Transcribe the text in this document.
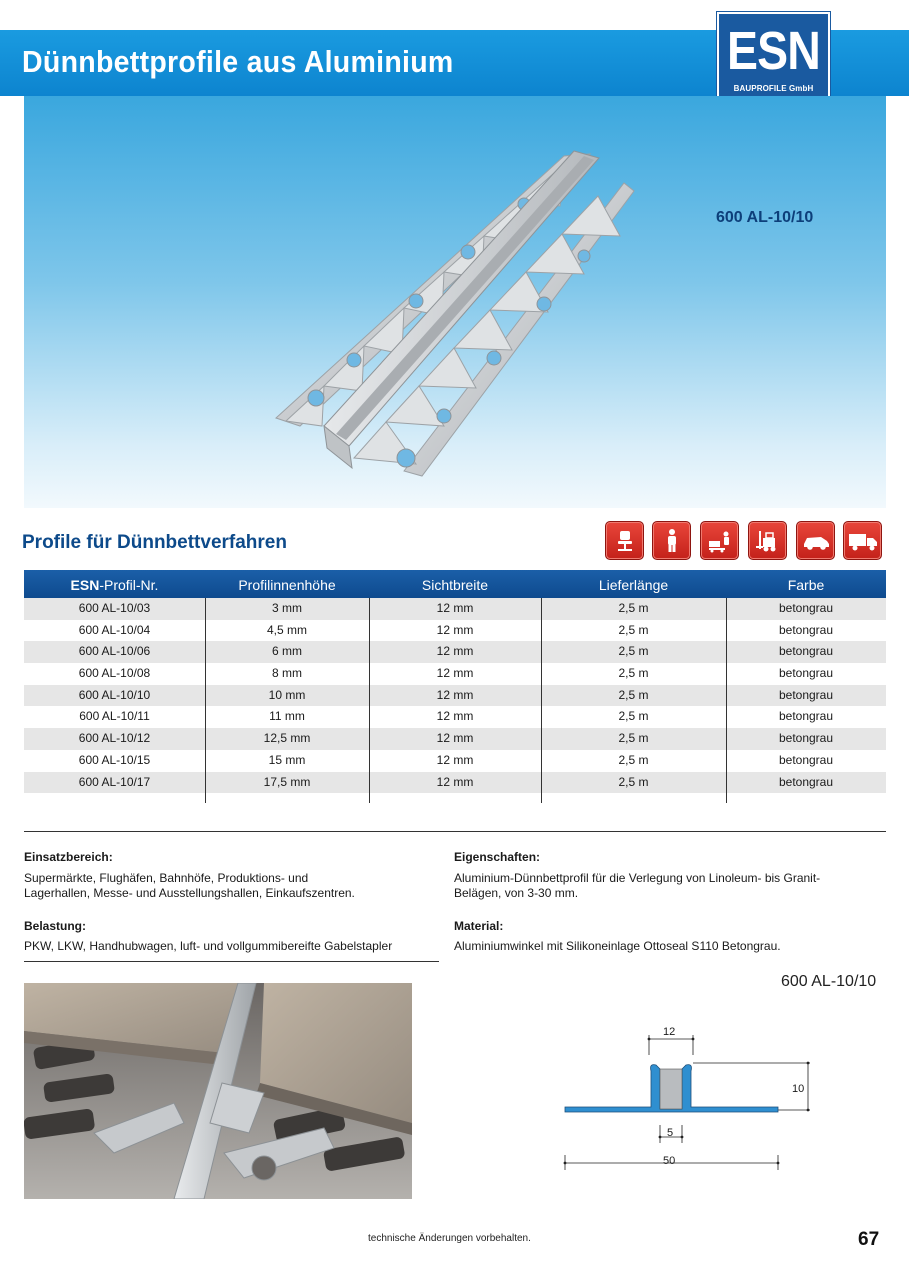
Dünnbettprofile aus Aluminium	ESN
BAUPROFILE GmbH
600 AL-10/10
Profile für Dünnbettverfahren
ESN-Profil-Nr.	Profilinnenhöhe	Sichtbreite	Lieferlänge	Farbe
600 AL-10/03	3 mm	12 mm	2,5 m	betongrau
600 AL-10/04	4,5 mm	12 mm	2,5 m	betongrau
600 AL-10/06	6 mm	12 mm	2,5 m	betongrau
600 AL-10/08	8 mm	12 mm	2,5 m	betongrau
600 AL-10/10	10 mm	12 mm	2,5 m	betongrau
600 AL-10/11	11 mm	12 mm	2,5 m	betongrau
600 AL-10/12	12,5 mm	12 mm	2,5 m	betongrau
600 AL-10/15	15 mm	12 mm	2,5 m	betongrau
600 AL-10/17	17,5 mm	12 mm	2,5 m	betongrau
Einsatzbereich:
Supermärkte, Flughäfen, Bahnhöfe, Produktions- und
Lagerhallen, Messe- und Ausstellungshallen, Einkaufszentren.
Belastung:
PKW, LKW, Handhubwagen, luft- und vollgummibereifte Gabelstapler
Eigenschaften:
Aluminium-Dünnbettprofil für die Verlegung von Linoleum- bis Granit-
Belägen, von 3-30 mm.
Material:
Aluminiumwinkel mit Silikoneinlage Ottoseal S110 Betongrau.
600 AL-10/10
12
10
5
50
technische Änderungen vorbehalten.	67
